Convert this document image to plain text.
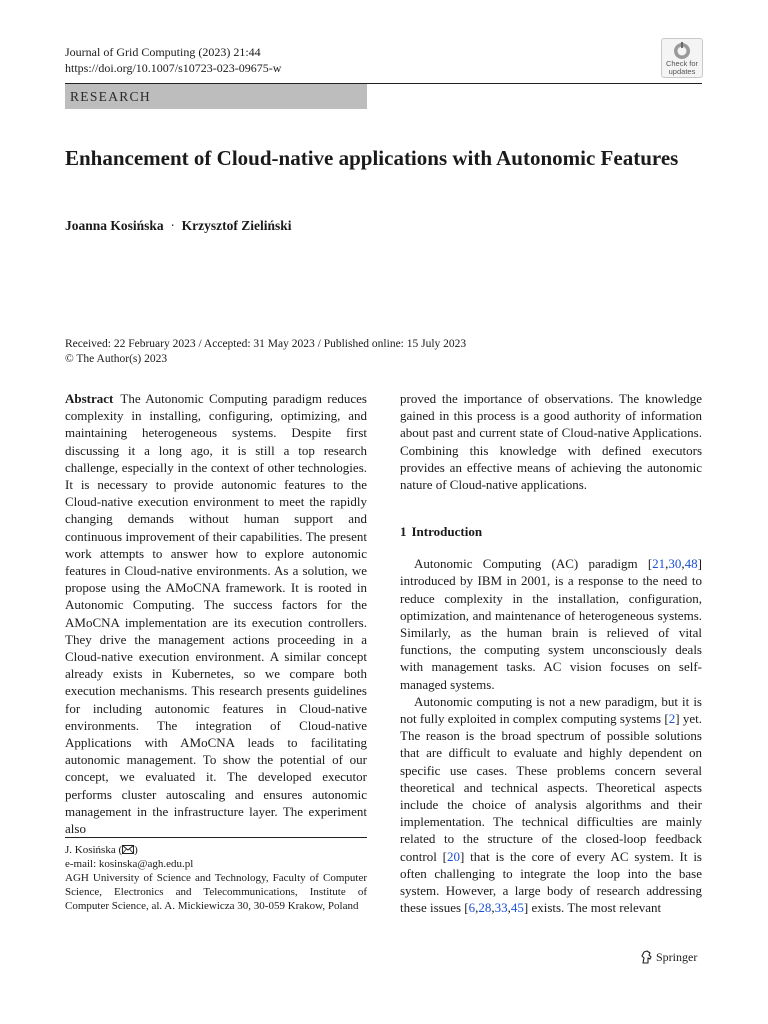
Journal of Grid Computing (2023) 21:44
https://doi.org/10.1007/s10723-023-09675-w	Check for
updates
RESEARCH
Enhancement of Cloud-native applications with Autonomic Features
Joanna Kosińska · Krzysztof Zieliński
Received: 22 February 2023 / Accepted: 31 May 2023 / Published online: 15 July 2023
© The Author(s) 2023

Abstract The Autonomic Computing paradigm reduces complexity in installing, configuring, optimizing, and maintaining heterogeneous systems. Despite first discussing it a long ago, it is still a top research challenge, especially in the context of other technologies. It is necessary to provide autonomic features to the Cloud-native execution environment to meet the rapidly changing demands without human support and continuous improvement of their capabilities. The present work attempts to answer how to explore autonomic features in Cloud-native environments. As a solution, we propose using the AMoCNA framework. It is rooted in Autonomic Computing. The success factors for the AMoCNA implementation are its execution controllers. They drive the management actions proceeding in a Cloud-native execution environment. A similar concept already exists in Kubernetes, so we compare both execution mechanisms. This research presents guidelines for including autonomic features in Cloud-native environments. The integration of Cloud-native Applications with AMoCNA leads to facilitating autonomic management. To show the potential of our concept, we evaluated it. The developed executor performs cluster autoscaling and ensures autonomic management in the infrastructure layer. The experiment also

proved the importance of observations. The knowledge gained in this process is a good authority of information about past and current state of Cloud-native Applications. Combining this knowledge with defined executors provides an effective means of achieving the autonomic nature of Cloud-native applications.

1 Introduction

Autonomic Computing (AC) paradigm [21,30,48] introduced by IBM in 2001, is a response to the need to reduce complexity in the installation, configuration, optimization, and maintenance of heterogeneous systems. Similarly, as the human brain is relieved of vital functions, the computing system unconsciously deals with management tasks. AC vision focuses on self-managed systems.

Autonomic computing is not a new paradigm, but it is not fully exploited in complex computing systems [2] yet. The reason is the broad spectrum of possible solutions that are difficult to evaluate and highly dependent on specific use cases. These problems concern several theoretical and technical aspects. Theoretical aspects include the choice of analysis algorithms and their implementation. The technical difficulties are mainly related to the structure of the closed-loop feedback control [20] that is the core of every AC system. It is often challenging to integrate the loop into the base system. However, a large body of research addressing these issues [6,28,33,45] exists. The most relevant

J. Kosińska ( )

e-mail: kosinska@agh.edu.pl

AGH University of Science and Technology, Faculty of Computer Science, Electronics and Telecommunications, Institute of Computer Science, al. A. Mickiewicza 30, 30-059 Krakow, Poland

Springer
